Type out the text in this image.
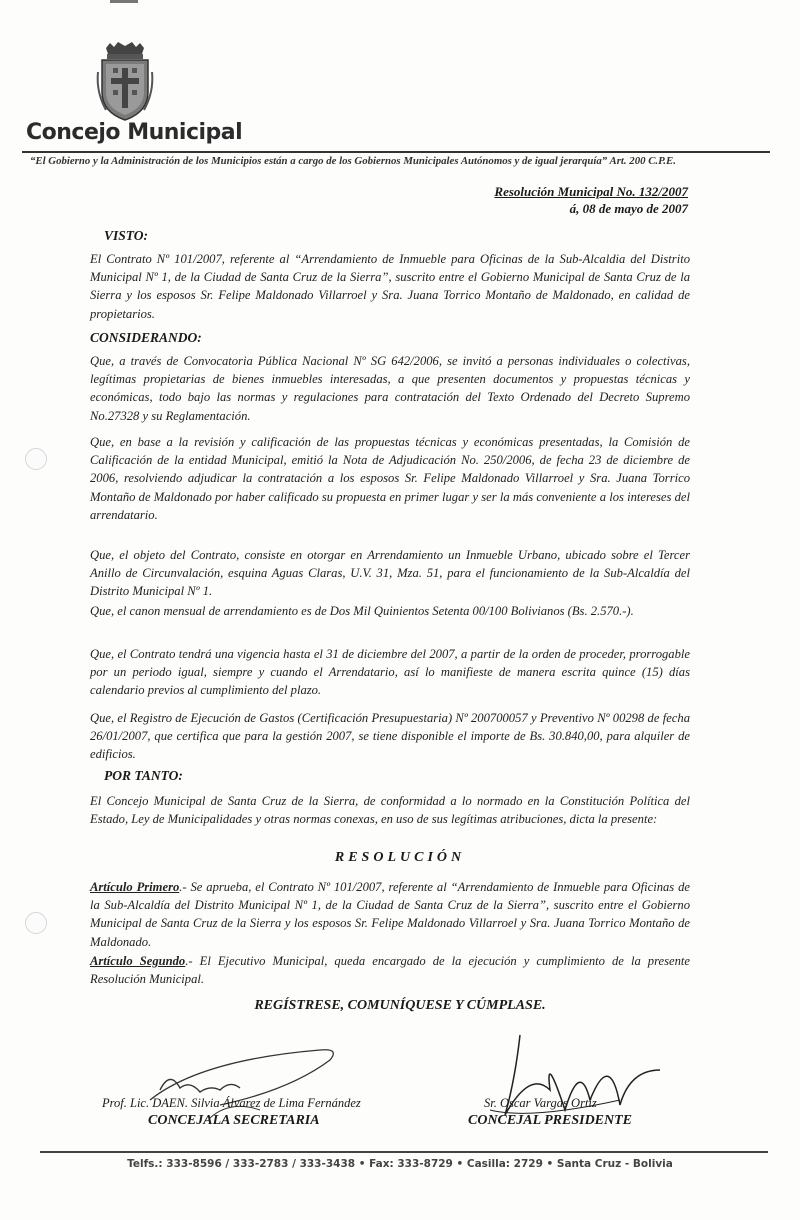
Concejo Municipal
“El Gobierno y la Administración de los Municipios están a cargo de los Gobiernos Municipales Autónomos y de igual jerarquía” Art. 200 C.P.E.
Resolución Municipal No. 132/2007
á, 08 de mayo de 2007
VISTO:
El Contrato Nº 101/2007, referente al “Arrendamiento de Inmueble para Oficinas de la Sub-Alcaldia del Distrito Municipal Nº 1, de la Ciudad de Santa Cruz de la Sierra”, suscrito entre el Gobierno Municipal de Santa Cruz de la Sierra y los esposos Sr. Felipe Maldonado Villarroel y Sra. Juana Torrico Montaño de Maldonado, en calidad de propietarios.
CONSIDERANDO:
Que, a través de Convocatoria Pública Nacional Nº SG 642/2006, se invitó a personas individuales o colectivas, legítimas propietarias de bienes inmuebles interesadas, a que presenten documentos y propuestas técnicas y económicas, todo bajo las normas y regulaciones para contratación del Texto Ordenado del Decreto Supremo No.27328 y su Reglamentación.
Que, en base a la revisión y calificación de las propuestas técnicas y económicas presentadas, la Comisión de Calificación de la entidad Municipal, emitió la Nota de Adjudicación No. 250/2006, de fecha 23 de diciembre de 2006, resolviendo adjudicar la contratación a los esposos Sr. Felipe Maldonado Villarroel y Sra. Juana Torrico Montaño de Maldonado por haber calificado su propuesta en primer lugar y ser la más conveniente a los intereses del arrendatario.
Que, el objeto del Contrato, consiste en otorgar en Arrendamiento un Inmueble Urbano, ubicado sobre el Tercer Anillo de Circunvalación, esquina Aguas Claras, U.V. 31, Mza. 51, para el funcionamiento de la Sub-Alcaldía del Distrito Municipal Nº 1.
Que, el canon mensual de arrendamiento es de Dos Mil Quinientos Setenta 00/100 Bolivianos (Bs. 2.570.-).
Que, el Contrato tendrá una vigencia hasta el 31 de diciembre del 2007, a partir de la orden de proceder, prorrogable por un periodo igual, siempre y cuando el Arrendatario, así lo manifieste de manera escrita quince (15) días calendario previos al cumplimiento del plazo.
Que, el Registro de Ejecución de Gastos (Certificación Presupuestaria) Nº 200700057 y Preventivo Nº 00298 de fecha 26/01/2007, que certifica que para la gestión 2007, se tiene disponible el importe de Bs. 30.840,00, para alquiler de edificios.
POR TANTO:
El Concejo Municipal de Santa Cruz de la Sierra, de conformidad a lo normado en la Constitución Política del Estado, Ley de Municipalidades y otras normas conexas, en uso de sus legítimas atribuciones, dicta la presente:
RESOLUCIÓN
Artículo Primero.- Se aprueba, el Contrato Nº 101/2007, referente al “Arrendamiento de Inmueble para Oficinas de la Sub-Alcaldía del Distrito Municipal Nº 1, de la Ciudad de Santa Cruz de la Sierra”, suscrito entre el Gobierno Municipal de Santa Cruz de la Sierra y los esposos Sr. Felipe Maldonado Villarroel y Sra. Juana Torrico Montaño de Maldonado.
Artículo Segundo.- El Ejecutivo Municipal, queda encargado de la ejecución y cumplimiento de la presente Resolución Municipal.
REGÍSTRESE, COMUNÍQUESE Y CÚMPLASE.
Prof. Lic. DAEN. Silvia Álvarez de Lima Fernández
CONCEJALA SECRETARIA
Sr. Oscar Vargas Ortiz
CONCEJAL PRESIDENTE
Telfs.: 333-8596 / 333-2783 / 333-3438 • Fax: 333-8729 • Casilla: 2729 • Santa Cruz - Bolivia
